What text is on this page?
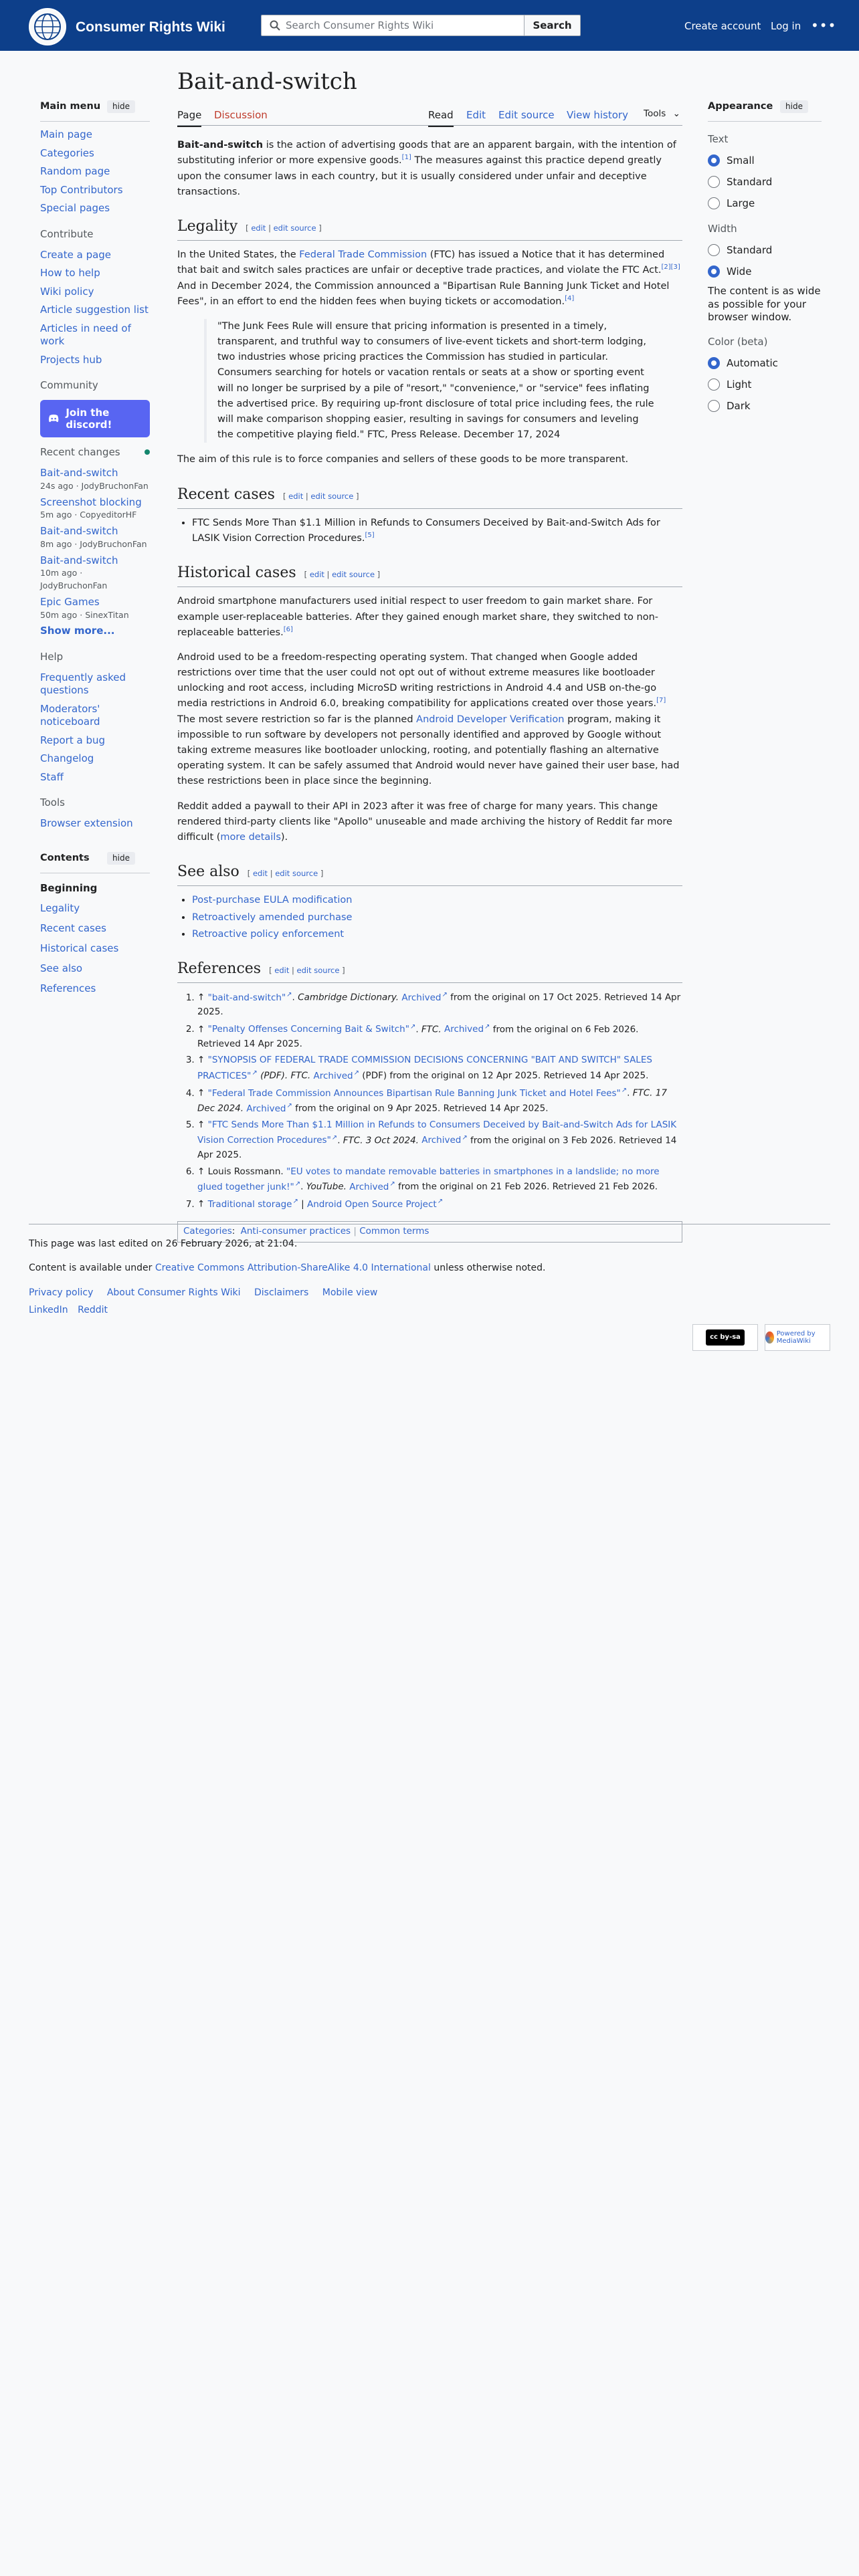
Consumer Rights Wiki
Search Consumer Rights Wiki	Search	Create account Log in •••
Main menu	hide
Main page
Categories
Random page
Top Contributors
Special pages
Contribute
Create a page
How to help
Wiki policy
Article suggestion list
Articles in need of work
Projects hub
Community
Join the discord!
Recent changes
Bait-and-switch
24s ago · JodyBruchonFan
Screenshot blocking
5m ago · CopyeditorHF
Bait-and-switch
8m ago · JodyBruchonFan
Bait-and-switch
10m ago · JodyBruchonFan
Epic Games
50m ago · SinexTitan
Show more...
Help
Frequently asked questions
Moderators' noticeboard
Report a bug
Changelog
Staff
Tools
Browser extension
Contents	hide
Beginning
Legality
Recent cases
Historical cases
See also
References
Bait-and-switch
Page Discussion	Read Edit Edit source View history Tools ⌄

Bait-and-switch is the action of advertising goods that are an apparent bargain, with the intention of substituting inferior or more expensive goods.[1] The measures against this practice depend greatly upon the consumer laws in each country, but it is usually considered under unfair and deceptive transactions.

Legality [ edit | edit source ]

In the United States, the Federal Trade Commission (FTC) has issued a Notice that it has determined that bait and switch sales practices are unfair or deceptive trade practices, and violate the FTC Act.[2][3] And in December 2024, the Commission announced a "Bipartisan Rule Banning Junk Ticket and Hotel Fees", in an effort to end the hidden fees when buying tickets or accomodation.[4]

"The Junk Fees Rule will ensure that pricing information is presented in a timely, transparent, and truthful way to consumers of live-event tickets and short-term lodging, two industries whose pricing practices the Commission has studied in particular. Consumers searching for hotels or vacation rentals or seats at a show or sporting event will no longer be surprised by a pile of "resort," "convenience," or "service" fees inflating the advertised price. By requiring up-front disclosure of total price including fees, the rule will make comparison shopping easier, resulting in savings for consumers and leveling the competitive playing field." FTC, Press Release. December 17, 2024

The aim of this rule is to force companies and sellers of these goods to be more transparent.

Recent cases [ edit | edit source ]
• FTC Sends More Than $1.1 Million in Refunds to Consumers Deceived by Bait-and-Switch Ads for LASIK Vision Correction Procedures.[5]
Historical cases [ edit | edit source ]

Android smartphone manufacturers used initial respect to user freedom to gain market share. For example user-replaceable batteries. After they gained enough market share, they switched to non-replaceable batteries.[6]

Android used to be a freedom-respecting operating system. That changed when Google added restrictions over time that the user could not opt out of without extreme measures like bootloader unlocking and root access, including MicroSD writing restrictions in Android 4.4 and USB on-the-go media restrictions in Android 6.0, breaking compatibility for applications created over those years.[7] The most severe restriction so far is the planned Android Developer Verification program, making it impossible to run software by developers not personally identified and approved by Google without taking extreme measures like bootloader unlocking, rooting, and potentially flashing an alternative operating system. It can be safely assumed that Android would never have gained their user base, had these restrictions been in place since the beginning.

Reddit added a paywall to their API in 2023 after it was free of charge for many years. This change rendered third-party clients like "Apollo" unuseable and made archiving the history of Reddit far more difficult (more details).

See also [ edit | edit source ]
• Post-purchase EULA modification
• Retroactively amended purchase
• Retroactive policy enforcement
References [ edit | edit source ]
1. ↑ "bait-and-switch" ↗ . Cambridge Dictionary. Archived ↗ from the original on 17 Oct 2025. Retrieved 14 Apr 2025.
2. ↑ "Penalty Offenses Concerning Bait & Switch" ↗ . FTC. Archived ↗ from the original on 6 Feb 2026. Retrieved 14 Apr 2025.
3. ↑ "SYNOPSIS OF FEDERAL TRADE COMMISSION DECISIONS CONCERNING "BAIT AND SWITCH" SALES PRACTICES" ↗ (PDF). FTC. Archived ↗ (PDF) from the original on 12 Apr 2025. Retrieved 14 Apr 2025.
4. ↑ "Federal Trade Commission Announces Bipartisan Rule Banning Junk Ticket and Hotel Fees" ↗ . FTC. 17 Dec 2024. Archived ↗ from the original on 9 Apr 2025. Retrieved 14 Apr 2025.
5. ↑ "FTC Sends More Than $1.1 Million in Refunds to Consumers Deceived by Bait-and-Switch Ads for LASIK Vision Correction Procedures" ↗ . FTC. 3 Oct 2024. Archived ↗ from the original on 3 Feb 2026. Retrieved 14 Apr 2025.
6. ↑ Louis Rossmann. "EU votes to mandate removable batteries in smartphones in a landslide; no more glued together junk!" ↗ . YouTube. Archived ↗ from the original on 21 Feb 2026. Retrieved 21 Feb 2026.
7. ↑ Traditional storage ↗ | Android Open Source Project ↗
Categories: Anti-consumer practices | Common terms
Appearance	hide
Text
Small
Standard
Large
Width
Standard
Wide
The content is as wide as possible for your browser window.
Color (beta)
Automatic
Light
Dark

This page was last edited on 26 February 2026, at 21:04.

Content is available under Creative Commons Attribution-ShareAlike 4.0 International unless otherwise noted.

Privacy policy About Consumer Rights Wiki Disclaimers Mobile view
LinkedIn Reddit
cc by-sa	Powered by MediaWiki
